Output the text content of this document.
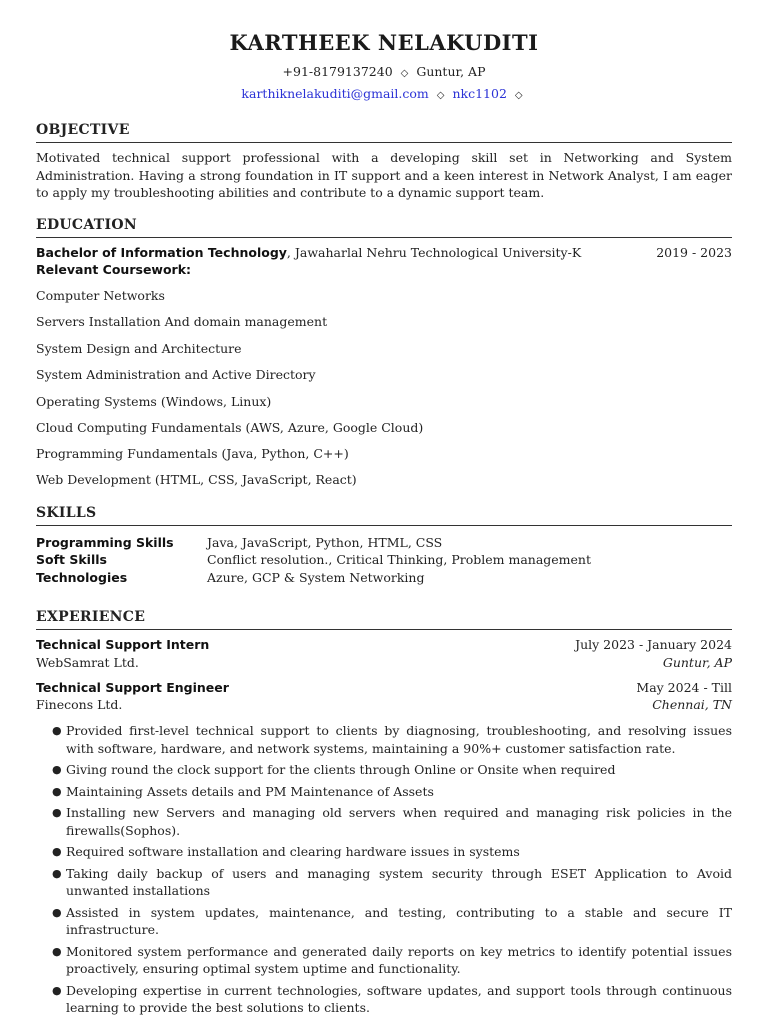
KARTHEEK NELAKUDITI
+91-8179137240 ◇ Guntur, AP
karthiknelakuditi@gmail.com ◇ nkc1102 ◇
OBJECTIVE
Motivated technical support professional with a developing skill set in Networking and System Administration. Having a strong foundation in IT support and a keen interest in Network Analyst, I am eager to apply my troubleshooting abilities and contribute to a dynamic support team.
EDUCATION
Bachelor of Information Technology, Jawaharlal Nehru Technological University-K	2019 - 2023
Relevant Coursework:
Computer Networks
Servers Installation And domain management
System Design and Architecture
System Administration and Active Directory
Operating Systems (Windows, Linux)
Cloud Computing Fundamentals (AWS, Azure, Google Cloud)
Programming Fundamentals (Java, Python, C++)
Web Development (HTML, CSS, JavaScript, React)
SKILLS
Programming Skills	Java, JavaScript, Python, HTML, CSS
Soft Skills	Conflict resolution., Critical Thinking, Problem management
Technologies	Azure, GCP & System Networking
EXPERIENCE
Technical Support Intern	July 2023 - January 2024
WebSamrat Ltd.	Guntur, AP
Technical Support Engineer	May 2024 - Till
Finecons Ltd.	Chennai, TN
● Provided first-level technical support to clients by diagnosing, troubleshooting, and resolving issues with software, hardware, and network systems, maintaining a 90%+ customer satisfaction rate.
● Giving round the clock support for the clients through Online or Onsite when required
● Maintaining Assets details and PM Maintenance of Assets
● Installing new Servers and managing old servers when required and managing risk policies in the firewalls(Sophos).
● Required software installation and clearing hardware issues in systems
● Taking daily backup of users and managing system security through ESET Application to Avoid unwanted installations
● Assisted in system updates, maintenance, and testing, contributing to a stable and secure IT infrastructure.
● Monitored system performance and generated daily reports on key metrics to identify potential issues proactively, ensuring optimal system uptime and functionality.
● Developing expertise in current technologies, software updates, and support tools through continuous learning to provide the best solutions to clients.
